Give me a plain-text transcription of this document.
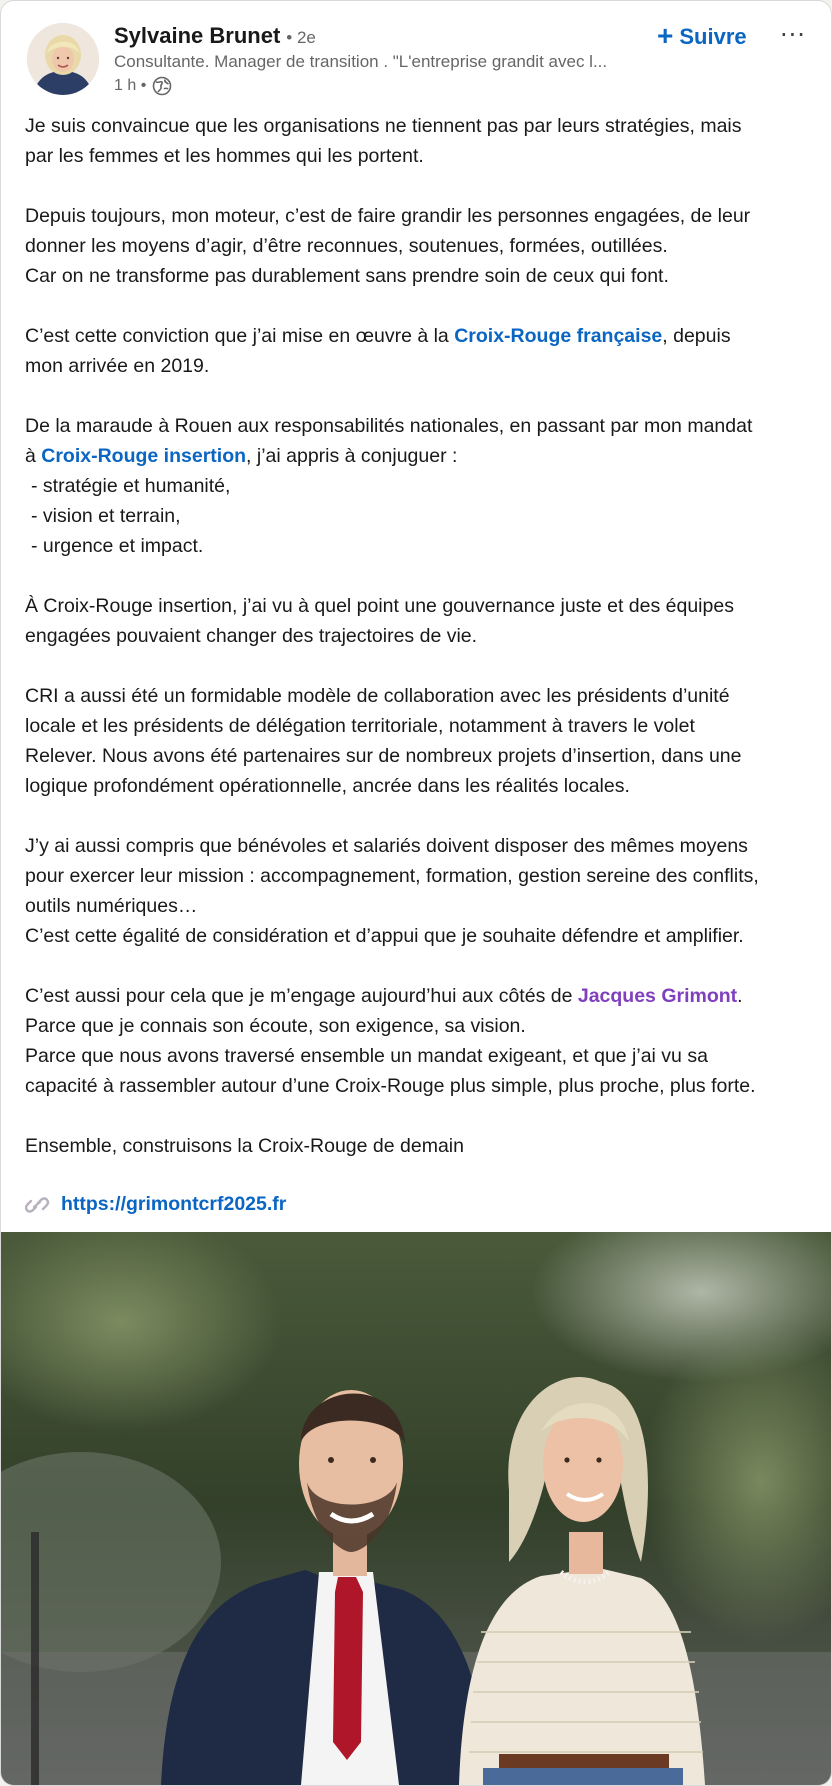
Sylvaine Brunet • 2e
Consultante. Manager de transition . "L'entreprise grandit avec l...
1 h •
+ Suivre ···

Je suis convaincue que les organisations ne tiennent pas par leurs stratégies, mais
par les femmes et les hommes qui les portent.

Depuis toujours, mon moteur, c’est de faire grandir les personnes engagées, de leur
donner les moyens d’agir, d’être reconnues, soutenues, formées, outillées.
Car on ne transforme pas durablement sans prendre soin de ceux qui font.

C’est cette conviction que j’ai mise en œuvre à la Croix-Rouge française, depuis
mon arrivée en 2019.

De la maraude à Rouen aux responsabilités nationales, en passant par mon mandat
à Croix-Rouge insertion, j’ai appris à conjuguer :
- stratégie et humanité,
- vision et terrain,
- urgence et impact.

À Croix-Rouge insertion, j’ai vu à quel point une gouvernance juste et des équipes
engagées pouvaient changer des trajectoires de vie.

CRI a aussi été un formidable modèle de collaboration avec les présidents d’unité
locale et les présidents de délégation territoriale, notamment à travers le volet
Relever. Nous avons été partenaires sur de nombreux projets d’insertion, dans une
logique profondément opérationnelle, ancrée dans les réalités locales.

J’y ai aussi compris que bénévoles et salariés doivent disposer des mêmes moyens
pour exercer leur mission : accompagnement, formation, gestion sereine des conflits,
outils numériques…
C’est cette égalité de considération et d’appui que je souhaite défendre et amplifier.

C’est aussi pour cela que je m’engage aujourd’hui aux côtés de Jacques Grimont.
Parce que je connais son écoute, son exigence, sa vision.
Parce que nous avons traversé ensemble un mandat exigeant, et que j’ai vu sa
capacité à rassembler autour d’une Croix-Rouge plus simple, plus proche, plus forte.

Ensemble, construisons la Croix-Rouge de demain

https://grimontcrf2025.fr
